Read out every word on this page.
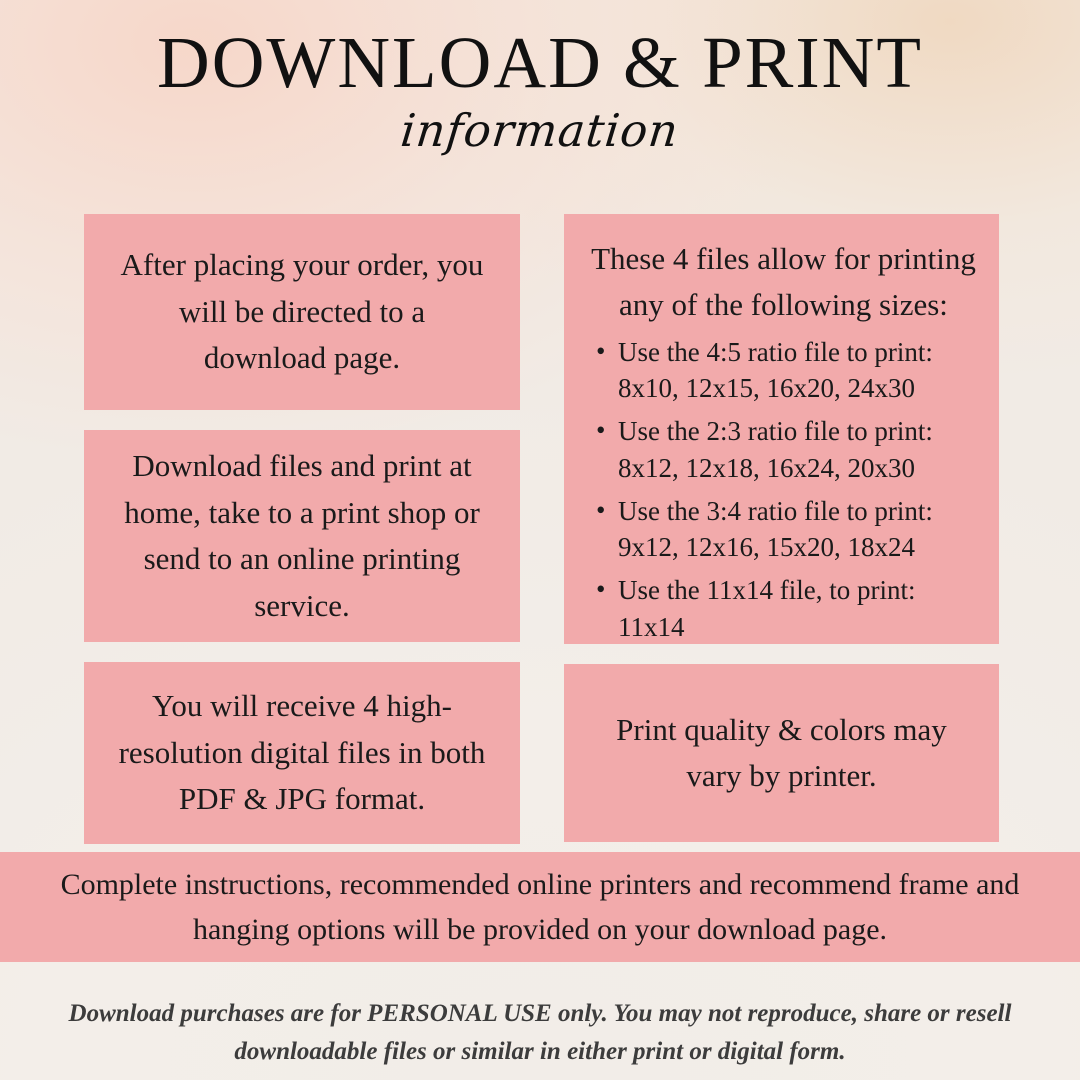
DOWNLOAD & PRINT
information

After placing your order, you will be directed to a download page.

Download files and print at home, take to a print shop or send to an online printing service.

You will receive 4 high-resolution digital files in both PDF & JPG format.

These 4 files allow for printing any of the following sizes:

• Use the 4:5 ratio file to print:
8x10, 12x15, 16x20, 24x30
• Use the 2:3 ratio file to print:
8x12, 12x18, 16x24, 20x30
• Use the 3:4 ratio file to print:
9x12, 12x16, 15x20, 18x24
• Use the 11x14 file, to print: 11x14

Print quality & colors may vary by printer.

Complete instructions, recommended online printers and recommend frame and hanging options will be provided on your download page.

Download purchases are for PERSONAL USE only. You may not reproduce, share or resell downloadable files or similar in either print or digital form.
